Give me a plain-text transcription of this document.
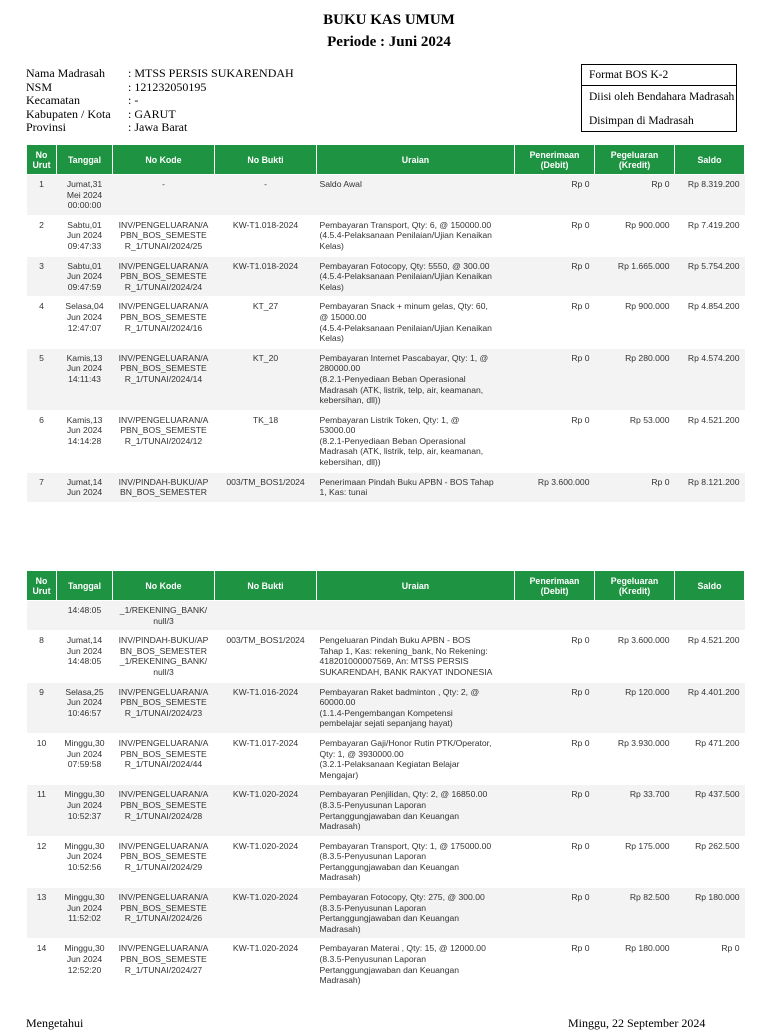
BUKU KAS UMUM
Periode : Juni 2024
Nama Madrasah	: MTSS PERSIS SUKARENDAH
NSM	: 121232050195
Kecamatan	: -
Kabupaten / Kota	: GARUT
Provinsi	: Jawa Barat
Format BOS K-2
Diisi oleh Bendahara Madrasah
Disimpan di Madrasah
No Urut	Tanggal	No Kode	No Bukti	Uraian	Penerimaan (Debit)	Pegeluaran (Kredit)	Saldo
1	Jumat,31
Mei 2024
00:00:00	-	-	Saldo Awal	Rp 0	Rp 0	Rp 8.319.200
2	Sabtu,01
Jun 2024
09:47:33	INV/PENGELUARAN/A
PBN_BOS_SEMESTE
R_1/TUNAI/2024/25	KW-T1.018-2024	Pembayaran Transport, Qty: 6, @ 150000.00
(4.5.4-Pelaksanaan Penilaian/Ujian Kenaikan
Kelas)	Rp 0	Rp 900.000	Rp 7.419.200
3	Sabtu,01
Jun 2024
09:47:59	INV/PENGELUARAN/A
PBN_BOS_SEMESTE
R_1/TUNAI/2024/24	KW-T1.018-2024	Pembayaran Fotocopy, Qty: 5550, @ 300.00
(4.5.4-Pelaksanaan Penilaian/Ujian Kenaikan
Kelas)	Rp 0	Rp 1.665.000	Rp 5.754.200
4	Selasa,04
Jun 2024
12:47:07	INV/PENGELUARAN/A
PBN_BOS_SEMESTE
R_1/TUNAI/2024/16	KT_27	Pembayaran Snack + minum gelas, Qty: 60,
@ 15000.00
(4.5.4-Pelaksanaan Penilaian/Ujian Kenaikan
Kelas)	Rp 0	Rp 900.000	Rp 4.854.200
5	Kamis,13
Jun 2024
14:11:43	INV/PENGELUARAN/A
PBN_BOS_SEMESTE
R_1/TUNAI/2024/14	KT_20	Pembayaran Internet Pascabayar, Qty: 1, @
280000.00
(8.2.1-Penyediaan Beban Operasional
Madrasah (ATK, listrik, telp, air, keamanan,
kebersihan, dll))	Rp 0	Rp 280.000	Rp 4.574.200
6	Kamis,13
Jun 2024
14:14:28	INV/PENGELUARAN/A
PBN_BOS_SEMESTE
R_1/TUNAI/2024/12	TK_18	Pembayaran Listrik Token, Qty: 1, @
53000.00
(8.2.1-Penyediaan Beban Operasional
Madrasah (ATK, listrik, telp, air, keamanan,
kebersihan, dll))	Rp 0	Rp 53.000	Rp 4.521.200
7	Jumat,14
Jun 2024	INV/PINDAH-BUKU/AP
BN_BOS_SEMESTER	003/TM_BOS1/2024	Penerimaan Pindah Buku APBN - BOS Tahap
1, Kas: tunai	Rp 3.600.000	Rp 0	Rp 8.121.200
No Urut	Tanggal	No Kode	No Bukti	Uraian	Penerimaan (Debit)	Pegeluaran (Kredit)	Saldo
	14:48:05	_1/REKENING_BANK/
null/3					
8	Jumat,14
Jun 2024
14:48:05	INV/PINDAH-BUKU/AP
BN_BOS_SEMESTER
_1/REKENING_BANK/
null/3	003/TM_BOS1/2024	Pengeluaran Pindah Buku APBN - BOS
Tahap 1, Kas: rekening_bank, No Rekening:
418201000007569, An: MTSS PERSIS
SUKARENDAH, BANK RAKYAT INDONESIA	Rp 0	Rp 3.600.000	Rp 4.521.200
9	Selasa,25
Jun 2024
10:46:57	INV/PENGELUARAN/A
PBN_BOS_SEMESTE
R_1/TUNAI/2024/23	KW-T1.016-2024	Pembayaran Raket badminton , Qty: 2, @
60000.00
(1.1.4-Pengembangan Kompetensi
pembelajar sejati sepanjang hayat)	Rp 0	Rp 120.000	Rp 4.401.200
10	Minggu,30
Jun 2024
07:59:58	INV/PENGELUARAN/A
PBN_BOS_SEMESTE
R_1/TUNAI/2024/44	KW-T1.017-2024	Pembayaran Gaji/Honor Rutin PTK/Operator,
Qty: 1, @ 3930000.00
(3.2.1-Pelaksanaan Kegiatan Belajar
Mengajar)	Rp 0	Rp 3.930.000	Rp 471.200
11	Minggu,30
Jun 2024
10:52:37	INV/PENGELUARAN/A
PBN_BOS_SEMESTE
R_1/TUNAI/2024/28	KW-T1.020-2024	Pembayaran Penjilidan, Qty: 2, @ 16850.00
(8.3.5-Penyusunan Laporan
Pertanggungjawaban dan Keuangan
Madrasah)	Rp 0	Rp 33.700	Rp 437.500
12	Minggu,30
Jun 2024
10:52:56	INV/PENGELUARAN/A
PBN_BOS_SEMESTE
R_1/TUNAI/2024/29	KW-T1.020-2024	Pembayaran Transport, Qty: 1, @ 175000.00
(8.3.5-Penyusunan Laporan
Pertanggungjawaban dan Keuangan
Madrasah)	Rp 0	Rp 175.000	Rp 262.500
13	Minggu,30
Jun 2024
11:52:02	INV/PENGELUARAN/A
PBN_BOS_SEMESTE
R_1/TUNAI/2024/26	KW-T1.020-2024	Pembayaran Fotocopy, Qty: 275, @ 300.00
(8.3.5-Penyusunan Laporan
Pertanggungjawaban dan Keuangan
Madrasah)	Rp 0	Rp 82.500	Rp 180.000
14	Minggu,30
Jun 2024
12:52:20	INV/PENGELUARAN/A
PBN_BOS_SEMESTE
R_1/TUNAI/2024/27	KW-T1.020-2024	Pembayaran Materai , Qty: 15, @ 12000.00
(8.3.5-Penyusunan Laporan
Pertanggungjawaban dan Keuangan
Madrasah)	Rp 0	Rp 180.000	Rp 0
Mengetahui	Minggu, 22 September 2024
